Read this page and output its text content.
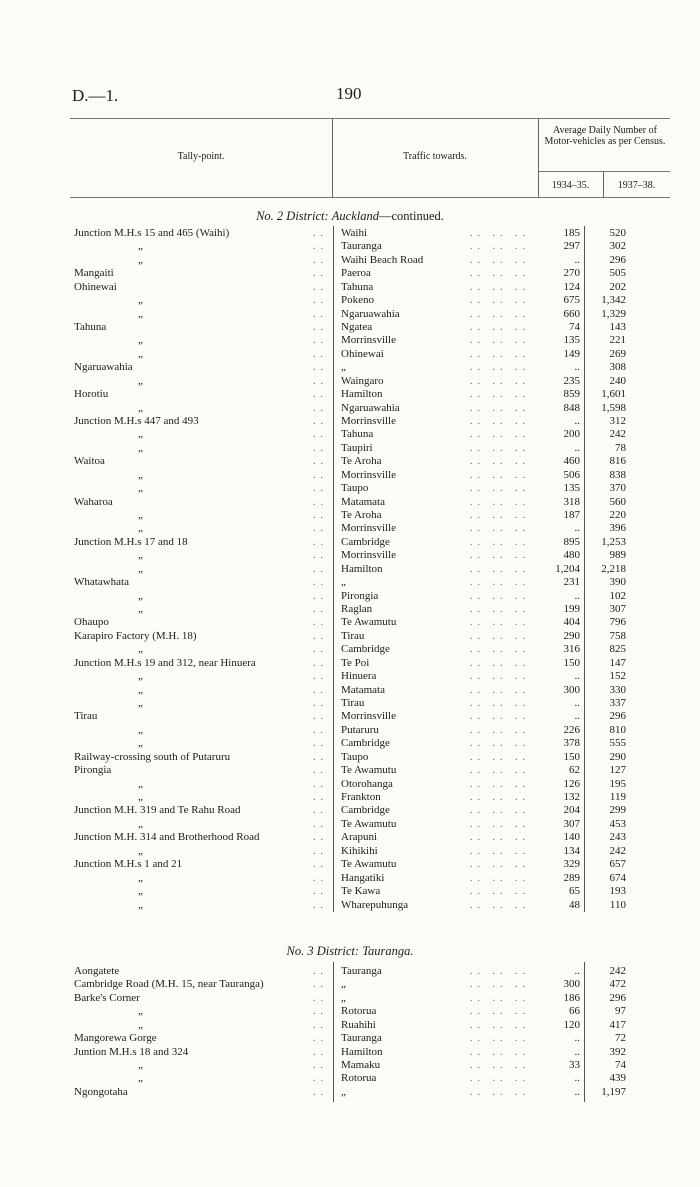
D.—1.	190
Tally-point.	Traffic towards.
Average Daily Number of Motor-vehicles as per Census.
1934–35.	1937–38.
No. 2 District: Auckland—continued.
Junction M.H.s 15 and 465 (Waihi)	Waihi	185	520
..	.. .. ..
„	Tauranga	297	302
..	.. .. ..
„	Waihi Beach Road	..	296
..	.. .. ..
Mangaiti	Paeroa	270	505
..	.. .. ..
Ohinewai	Tahuna	124	202
..	.. .. ..
„	Pokeno	675	1,342
..	.. .. ..
„	Ngaruawahia	660	1,329
..	.. .. ..
Tahuna	Ngatea	74	143
..	.. .. ..
„	Morrinsville	135	221
..	.. .. ..
„	Ohinewai	149	269
..	.. .. ..
Ngaruawahia	„	..	308
..	.. .. ..
„	Waingaro	235	240
..	.. .. ..
Horotiu	Hamilton	859	1,601
..	.. .. ..
„	Ngaruawahia	848	1,598
..	.. .. ..
Junction M.H.s 447 and 493	Morrinsville	..	312
..	.. .. ..
„	Tahuna	200	242
..	.. .. ..
„	Taupiri	..	78
..	.. .. ..
Waitoa	Te Aroha	460	816
..	.. .. ..
„	Morrinsville	506	838
..	.. .. ..
„	Taupo	135	370
..	.. .. ..
Waharoa	Matamata	318	560
..	.. .. ..
„	Te Aroha	187	220
..	.. .. ..
„	Morrinsville	..	396
..	.. .. ..
Junction M.H.s 17 and 18	Cambridge	895	1,253
..	.. .. ..
„	Morrinsville	480	989
..	.. .. ..
„	Hamilton	1,204	2,218
..	.. .. ..
Whatawhata	„	231	390
..	.. .. ..
„	Pirongia	..	102
..	.. .. ..
„	Raglan	199	307
..	.. .. ..
Ohaupo	Te Awamutu	404	796
..	.. .. ..
Karapiro Factory (M.H. 18)	Tirau	290	758
..	.. .. ..
„	Cambridge	316	825
..	.. .. ..
Junction M.H.s 19 and 312, near Hinuera	Te Poi	150	147
..	.. .. ..
„	Hinuera	..	152
..	.. .. ..
„	Matamata	300	330
..	.. .. ..
„	Tirau	..	337
..	.. .. ..
Tirau	Morrinsville	..	296
..	.. .. ..
„	Putaruru	226	810
..	.. .. ..
„	Cambridge	378	555
..	.. .. ..
Railway-crossing south of Putaruru	Taupo	150	290
..	.. .. ..
Pirongia	Te Awamutu	62	127
..	.. .. ..
„	Otorohanga	126	195
..	.. .. ..
„	Frankton	132	119
..	.. .. ..
Junction M.H. 319 and Te Rahu Road	Cambridge	204	299
..	.. .. ..
„	Te Awamutu	307	453
..	.. .. ..
Junction M.H. 314 and Brotherhood Road	Arapuni	140	243
..	.. .. ..
„	Kihikihi	134	242
..	.. .. ..
Junction M.H.s 1 and 21	Te Awamutu	329	657
..	.. .. ..
„	Hangatiki	289	674
..	.. .. ..
„	Te Kawa	65	193
..	.. .. ..
„	Wharepuhunga	48	110
..	.. .. ..
No. 3 District: Tauranga.
Aongatete	Tauranga	..	242
..	.. .. ..
Cambridge Road (M.H. 15, near Tauranga)	„	300	472
..	.. .. ..
Barke's Corner	„	186	296
..	.. .. ..
„	Rotorua	66	97
..	.. .. ..
„	Ruahihi	120	417
..	.. .. ..
Mangorewa Gorge	Tauranga	..	72
..	.. .. ..
Juntion M.H.s 18 and 324	Hamilton	..	392
..	.. .. ..
„	Mamaku	33	74
..	.. .. ..
„	Rotorua	..	439
..	.. .. ..
Ngongotaha	„	..	1,197
..	.. .. ..
